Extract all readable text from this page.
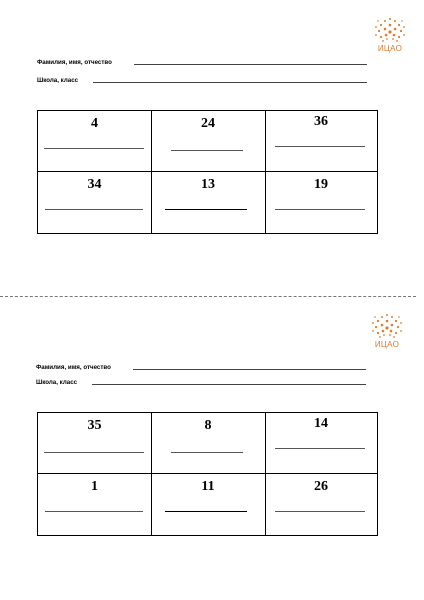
ИЦАО
Фамилия, имя, отчество
Школа, класс
4	24	36
34	13	19
ИЦАО
Фамилия, имя, отчество
Школа, класс
35	8	14
1	11	26
